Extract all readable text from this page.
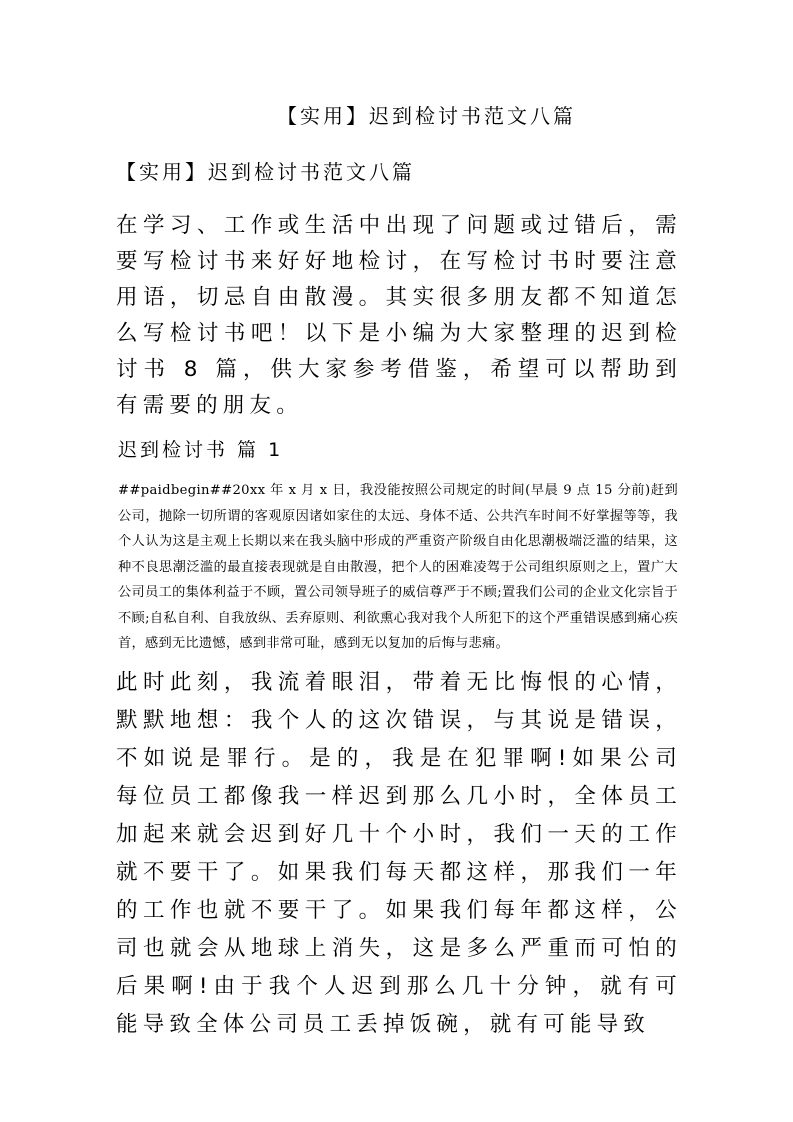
【实用】迟到检讨书范文八篇
【实用】迟到检讨书范文八篇
在学习、工作或生活中出现了问题或过错后，需要写检讨书来好好地检讨，在写检讨书时要注意用语，切忌自由散漫。其实很多朋友都不知道怎么写检讨书吧！以下是小编为大家整理的迟到检讨书 8 篇，供大家参考借鉴，希望可以帮助到有需要的朋友。
迟到检讨书 篇 1
##paidbegin##20xx 年 x 月 x 日，我没能按照公司规定的时间(早晨 9 点 15 分前)赶到公司，抛除一切所谓的客观原因诸如家住的太远、身体不适、公共汽车时间不好掌握等等，我个人认为这是主观上长期以来在我头脑中形成的严重资产阶级自由化思潮极端泛滥的结果，这种不良思潮泛滥的最直接表现就是自由散漫，把个人的困难凌驾于公司组织原则之上，置广大公司员工的集体利益于不顾，置公司领导班子的威信尊严于不顾;置我们公司的企业文化宗旨于不顾;自私自利、自我放纵、丢弃原则、利欲熏心我对我个人所犯下的这个严重错误感到痛心疾首，感到无比遗憾，感到非常可耻，感到无以复加的后悔与悲痛。
此时此刻，我流着眼泪，带着无比悔恨的心情，默默地想：我个人的这次错误，与其说是错误，不如说是罪行。是的，我是在犯罪啊!如果公司每位员工都像我一样迟到那么几小时，全体员工加起来就会迟到好几十个小时，我们一天的工作就不要干了。如果我们每天都这样，那我们一年的工作也就不要干了。如果我们每年都这样，公司也就会从地球上消失，这是多么严重而可怕的后果啊!由于我个人迟到那么几十分钟，就有可能导致全体公司员工丢掉饭碗，就有可能导致
